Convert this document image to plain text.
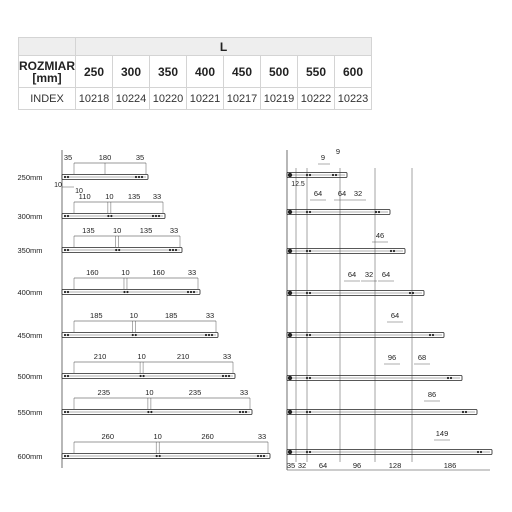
	L							
ROZMIAR
[mm]	250	300	350	400	450	500	550	600
INDEX	10218	10224	10220	10221	10217	10219	10222	10223
250mm
35	180	35
10
10
300mm
110 10 135 33
350mm
135 10 135 33
400mm
160	10	160	33
450mm
185	10	185	33
500mm
210	10	210	33
550mm
235	10	235	33
600mm
260	10	260	33
9
9
12.5
64 64 32
46
64 32 64
64
96	68
86
149
35 32 64	96	128	186
